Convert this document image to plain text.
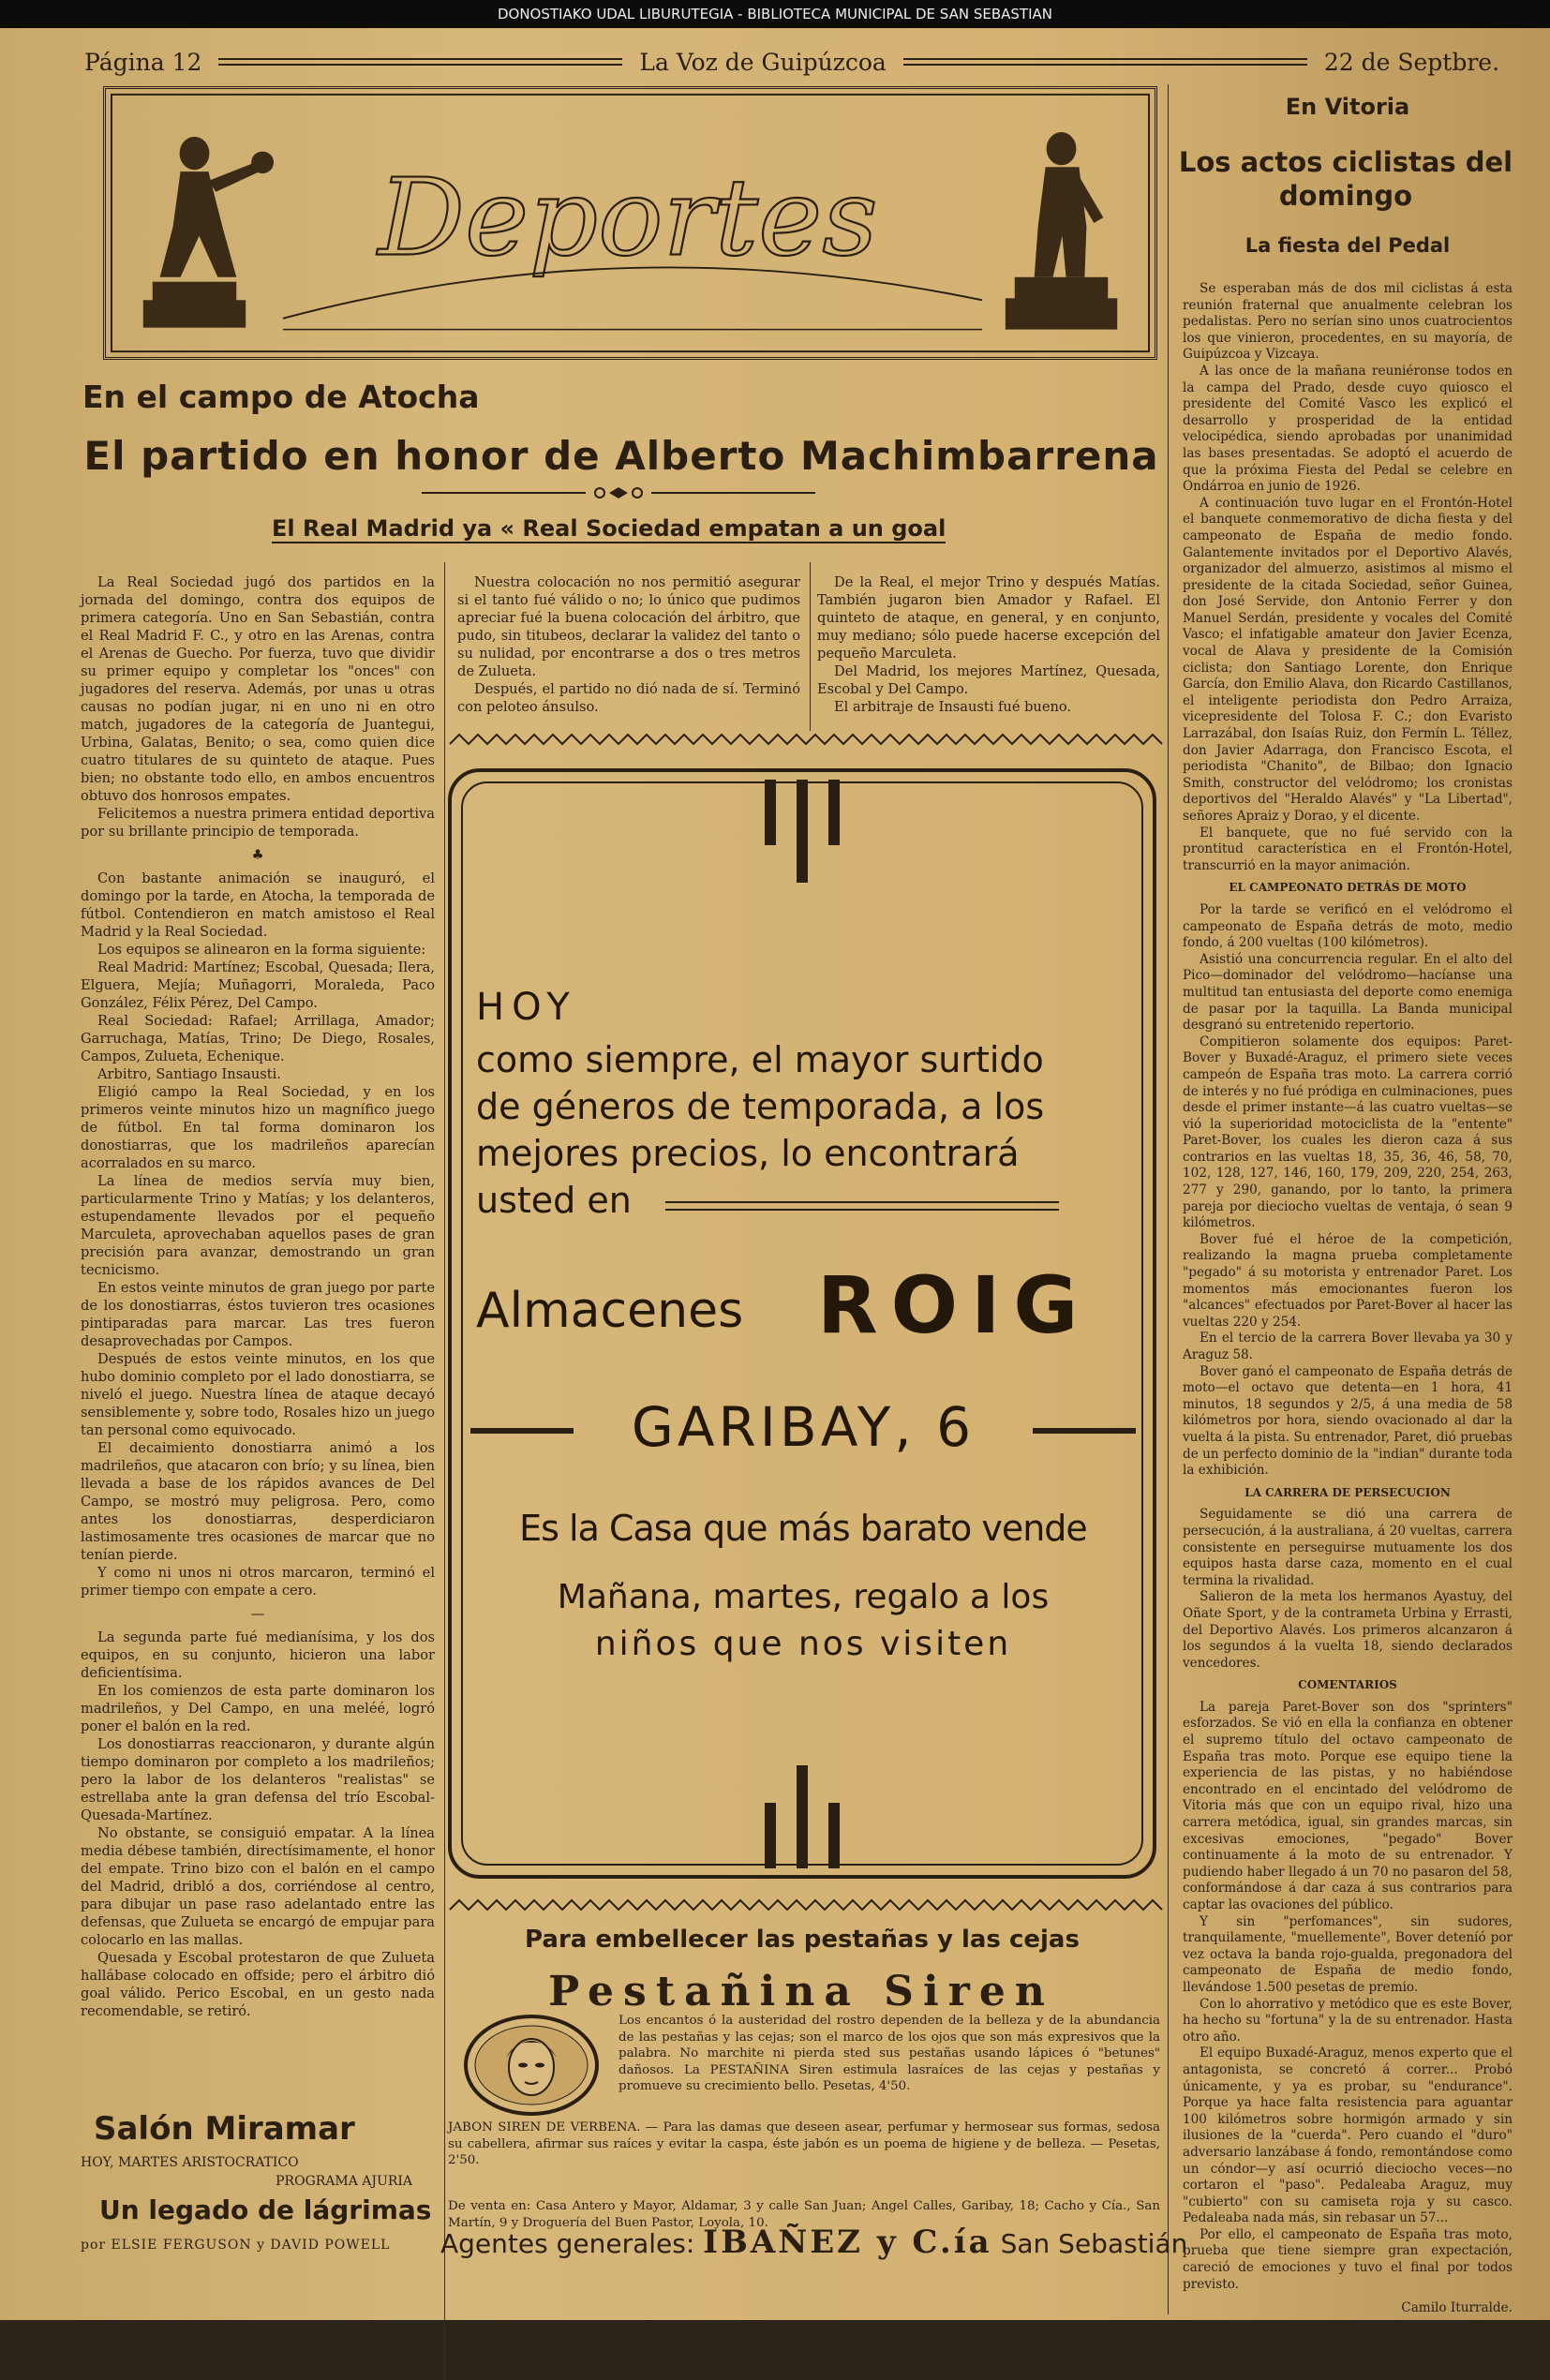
DONOSTIAKO UDAL LIBURUTEGIA - BIBLIOTECA MUNICIPAL DE SAN SEBASTIAN
Página 12	La Voz de Guipúzcoa	22 de Septbre.
Deportes
En el campo de Atocha
El partido en honor de Alberto Machimbarrena
El Real Madrid ya « Real Sociedad empatan a un goal

La Real Sociedad jugó dos partidos en la jornada del domingo, contra dos equipos de primera categoría. Uno en San Sebastián, contra el Real Madrid F. C., y otro en las Arenas, contra el Arenas de Guecho. Por fuerza, tuvo que dividir su primer equipo y completar los "onces" con jugadores del reserva. Además, por unas u otras causas no podían jugar, ni en uno ni en otro match, jugadores de la categoría de Juantegui, Urbina, Galatas, Benito; o sea, como quien dice cuatro titulares de su quinteto de ataque. Pues bien; no obstante todo ello, en ambos encuentros obtuvo dos honrosos empates.

Felicitemos a nuestra primera entidad deportiva por su brillante principio de temporada.

♣

Con bastante animación se inauguró, el domingo por la tarde, en Atocha, la temporada de fútbol. Contendieron en match amistoso el Real Madrid y la Real Sociedad.

Los equipos se alinearon en la forma siguiente:

Real Madrid: Martínez; Escobal, Quesada; Ilera, Elguera, Mejía; Muñagorri, Moraleda, Paco González, Félix Pérez, Del Campo.

Real Sociedad: Rafael; Arrillaga, Amador; Garruchaga, Matías, Trino; De Diego, Rosales, Campos, Zulueta, Echenique.

Arbitro, Santiago Insausti.

Eligió campo la Real Sociedad, y en los primeros veinte minutos hizo un magnífico juego de fútbol. En tal forma dominaron los donostiarras, que los madrileños aparecían acorralados en su marco.

La línea de medios servía muy bien, particularmente Trino y Matías; y los delanteros, estupendamente llevados por el pequeño Marculeta, aprovechaban aquellos pases de gran precisión para avanzar, demostrando un gran tecnicismo.

En estos veinte minutos de gran juego por parte de los donostiarras, éstos tuvieron tres ocasiones pintiparadas para marcar. Las tres fueron desaprovechadas por Campos.

Después de estos veinte minutos, en los que hubo dominio completo por el lado donostiarra, se niveló el juego. Nuestra línea de ataque decayó sensiblemente y, sobre todo, Rosales hizo un juego tan personal como equivocado.

El decaimiento donostiarra animó a los madrileños, que atacaron con brío; y su línea, bien llevada a base de los rápidos avances de Del Campo, se mostró muy peligrosa. Pero, como antes los donostiarras, desperdiciaron lastimosamente tres ocasiones de marcar que no tenían pierde.

Y como ni unos ni otros marcaron, terminó el primer tiempo con empate a cero.

—

La segunda parte fué medianísima, y los dos equipos, en su conjunto, hicieron una labor deficientísima.

En los comienzos de esta parte dominaron los madrileños, y Del Campo, en una meléé, logró poner el balón en la red.

Los donostiarras reaccionaron, y durante algún tiempo dominaron por completo a los madrileños; pero la labor de los delanteros "realistas" se estrellaba ante la gran defensa del trío Escobal-Quesada-Martínez.

No obstante, se consiguió empatar. A la línea media débese también, directísimamente, el honor del empate. Trino bizo con el balón en el campo del Madrid, dribló a dos, corriéndose al centro, para dibujar un pase raso adelantado entre las defensas, que Zulueta se encargó de empujar para colocarlo en las mallas.

Quesada y Escobal protestaron de que Zulueta hallábase colocado en offside; pero el árbitro dió goal válido. Perico Escobal, en un gesto nada recomendable, se retiró.

Nuestra colocación no nos permitió asegurar si el tanto fué válido o no; lo único que pudimos apreciar fué la buena colocación del árbitro, que pudo, sin titubeos, declarar la validez del tanto o su nulidad, por encontrarse a dos o tres metros de Zulueta.

Después, el partido no dió nada de sí. Terminó con peloteo ánsulso.

De la Real, el mejor Trino y después Matías. También jugaron bien Amador y Rafael. El quinteto de ataque, en general, y en conjunto, muy mediano; sólo puede hacerse excepción del pequeño Marculeta.

Del Madrid, los mejores Martínez, Quesada, Escobal y Del Campo.

El arbitraje de Insausti fué bueno.

HOY
como siempre, el mayor surtido
de géneros de temporada, a los
mejores precios, lo encontrará
usted en
Almacenes ROIG
GARIBAY, 6
Es la Casa que más barato vende
Mañana, martes, regalo a los
niños que nos visiten
Para embellecer las pestañas y las cejas
Pestañina Siren
Los encantos ó la austeridad del rostro dependen de la belleza y de la abundancia de las pestañas y las cejas; son el marco de los ojos que son más expresivos que la palabra. No marchite ni pierda sted sus pestañas usando lápices ó "betunes" dañosos. La PESTAÑINA Siren estimula lasraíces de las cejas y pestañas y promueve su crecimiento bello. Pesetas, 4'50.
JABON SIREN DE VERBENA. — Para las damas que deseen asear, perfumar y hermosear sus formas, sedosa su cabellera, afirmar sus raíces y evitar la caspa, éste jabón es un poema de higiene y de belleza. — Pesetas, 2'50.
De venta en: Casa Antero y Mayor, Aldamar, 3 y calle San Juan; Angel Calles, Garibay, 18; Cacho y Cía., San Martín, 9 y Droguería del Buen Pastor, Loyola, 10.
Agentes generales: IBAÑEZ y C.ía San Sebastián
Salón Miramar
HOY, MARTES ARISTOCRATICO
PROGRAMA AJURIA
Un legado de lágrimas
por ELSIE FERGUSON y DAVID POWELL
En Vitoria
Los actos ciclistas del domingo
La fiesta del Pedal

Se esperaban más de dos mil ciclistas á esta reunión fraternal que anualmente celebran los pedalistas. Pero no serían sino unos cuatrocientos los que vinieron, procedentes, en su mayoría, de Guipúzcoa y Vizcaya.

A las once de la mañana reuniéronse todos en la campa del Prado, desde cuyo quiosco el presidente del Comité Vasco les explicó el desarrollo y prosperidad de la entidad velocipédica, siendo aprobadas por unanimidad las bases presentadas. Se adoptó el acuerdo de que la próxima Fiesta del Pedal se celebre en Ondárroa en junio de 1926.

A continuación tuvo lugar en el Frontón-Hotel el banquete conmemorativo de dicha fiesta y del campeonato de España de medio fondo. Galantemente invitados por el Deportivo Alavés, organizador del almuerzo, asistimos al mismo el presidente de la citada Sociedad, señor Guinea, don José Servide, don Antonio Ferrer y don Manuel Serdán, presidente y vocales del Comité Vasco; el infatigable amateur don Javier Ecenza, vocal de Alava y presidente de la Comisión ciclista; don Santiago Lorente, don Enrique García, don Emilio Alava, don Ricardo Castillanos, el inteligente periodista don Pedro Arraiza, vicepresidente del Tolosa F. C.; don Evaristo Larrazábal, don Isaías Ruiz, don Fermín L. Téllez, don Javier Adarraga, don Francisco Escota, el periodista "Chanito", de Bilbao; don Ignacio Smith, constructor del velódromo; los cronistas deportivos del "Heraldo Alavés" y "La Libertad", señores Apraiz y Dorao, y el dicente.

El banquete, que no fué servido con la prontitud característica en el Frontón-Hotel, transcurrió en la mayor animación.

EL CAMPEONATO DETRÁS DE MOTO

Por la tarde se verificó en el velódromo el campeonato de España detrás de moto, medio fondo, á 200 vueltas (100 kilómetros).

Asistió una concurrencia regular. En el alto del Pico—dominador del velódromo—hacíanse una multitud tan entusiasta del deporte como enemiga de pasar por la taquilla. La Banda municipal desgranó su entretenido repertorio.

Compitieron solamente dos equipos: Paret-Bover y Buxadé-Araguz, el primero siete veces campeón de España tras moto. La carrera corrió de interés y no fué pródiga en culminaciones, pues desde el primer instante—á las cuatro vueltas—se vió la superioridad motociclista de la "entente" Paret-Bover, los cuales les dieron caza á sus contrarios en las vueltas 18, 35, 36, 46, 58, 70, 102, 128, 127, 146, 160, 179, 209, 220, 254, 263, 277 y 290, ganando, por lo tanto, la primera pareja por dieciocho vueltas de ventaja, ó sean 9 kilómetros.

Bover fué el héroe de la competición, realizando la magna prueba completamente "pegado" á su motorista y entrenador Paret. Los momentos más emocionantes fueron los "alcances" efectuados por Paret-Bover al hacer las vueltas 220 y 254.

En el tercio de la carrera Bover llevaba ya 30 y Araguz 58.

Bover ganó el campeonato de España detrás de moto—el octavo que detenta—en 1 hora, 41 minutos, 18 segundos y 2/5, á una media de 58 kilómetros por hora, siendo ovacionado al dar la vuelta á la pista. Su entrenador, Paret, dió pruebas de un perfecto dominio de la "indian" durante toda la exhibición.

LA CARRERA DE PERSECUCION

Seguidamente se dió una carrera de persecución, á la australiana, á 20 vueltas, carrera consistente en perseguirse mutuamente los dos equipos hasta darse caza, momento en el cual termina la rivalidad.

Salieron de la meta los hermanos Ayastuy, del Oñate Sport, y de la contrameta Urbina y Errasti, del Deportivo Alavés. Los primeros alcanzaron á los segundos á la vuelta 18, siendo declarados vencedores.

COMENTARIOS

La pareja Paret-Bover son dos "sprinters" esforzados. Se vió en ella la confianza en obtener el supremo título del octavo campeonato de España tras moto. Porque ese equipo tiene la experiencia de las pistas, y no habiéndose encontrado en el encintado del velódromo de Vitoria más que con un equipo rival, hizo una carrera metódica, igual, sin grandes marcas, sin excesivas emociones, "pegado" Bover continuamente á la moto de su entrenador. Y pudiendo haber llegado á un 70 no pasaron del 58, conformándose á dar caza á sus contrarios para captar las ovaciones del público.

Y sin "perfomances", sin sudores, tranquilamente, "muellemente", Bover deteníó por vez octava la banda rojo-gualda, pregonadora del campeonato de España de medio fondo, llevándose 1.500 pesetas de premio.

Con lo ahorrativo y metódico que es este Bover, ha hecho su "fortuna" y la de su entrenador. Hasta otro año.

El equipo Buxadé-Araguz, menos experto que el antagonista, se concretó á correr... Probó únicamente, y ya es probar, su "endurance". Porque ya hace falta resistencia para aguantar 100 kilómetros sobre hormigón armado y sin ilusiones de la "cuerda". Pero cuando el "duro" adversario lanzábase á fondo, remontándose como un cóndor—y así ocurrió dieciocho veces—no cortaron el "paso". Pedaleaba Araguz, muy "cubierto" con su camiseta roja y su casco. Pedaleaba nada más, sin rebasar un 57...

Por ello, el campeonato de España tras moto, prueba que tiene siempre gran expectación, careció de emociones y tuvo el final por todos previsto.

Camilo Iturralde.
